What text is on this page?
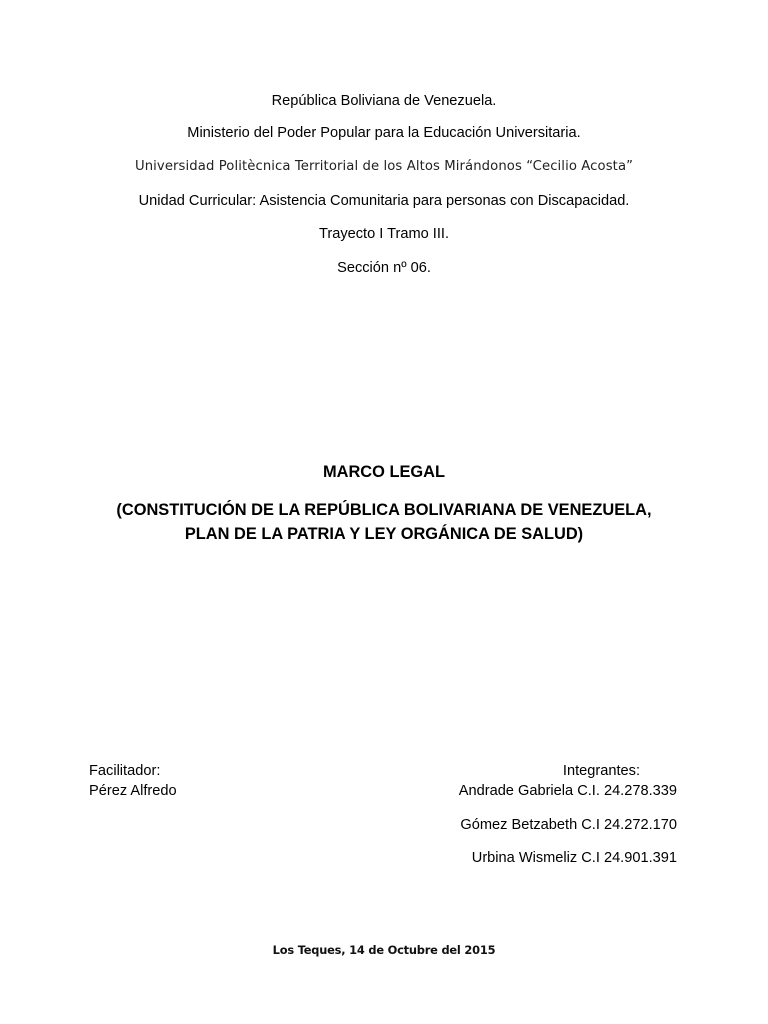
República Boliviana de Venezuela.
Ministerio del Poder Popular para la Educación Universitaria.
Universidad Politècnica Territorial de los Altos Mirándonos “Cecilio Acosta”
Unidad Curricular: Asistencia Comunitaria para personas con Discapacidad.
Trayecto I Tramo III.
Sección nº 06.
MARCO LEGAL
(CONSTITUCIÓN DE LA REPÚBLICA BOLIVARIANA DE VENEZUELA,
PLAN DE LA PATRIA Y LEY ORGÁNICA DE SALUD)
Facilitador:
Pérez Alfredo
Integrantes:
Andrade Gabriela C.I. 24.278.339
Gómez Betzabeth C.I 24.272.170
Urbina Wismeliz C.I 24.901.391
Los Teques, 14 de Octubre del 2015
